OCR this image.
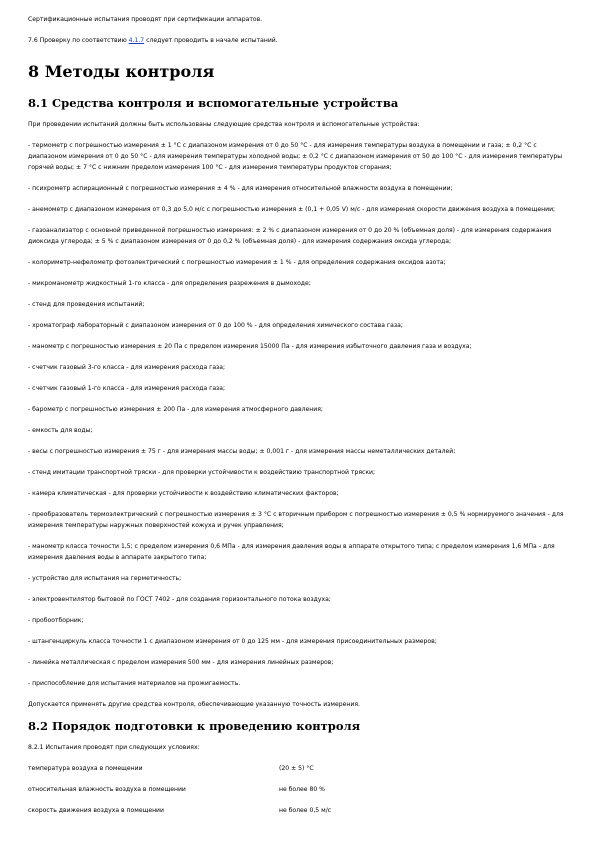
Сертификационные испытания проводят при сертификации аппаратов.

7.6 Проверку по соответствию 4.1.7 следует проводить в начале испытаний.

8 Методы контроля
8.1 Средства контроля и вспомогательные устройства

При проведении испытаний должны быть использованы следующие средства контроля и вспомогательные устройства:

- термометр с погрешностью измерения ± 1 °С с диапазоном измерения от 0 до 50 °С - для измерения температуры воздуха в помещении и газа; ± 0,2 °С с диапазоном измерения от 0 до 50 °С - для измерения температуры холодной воды; ± 0,2 °С с диапазоном измерения от 50 до 100 °С - для измерения температуры горячей воды; ± 7 °С с нижним пределом измерения 100 °С - для измерения температуры продуктов сгорания;

- психрометр аспирационный с погрешностью измерения ± 4 % - для измерения относительной влажности воздуха в помещении;

- анемометр с диапазоном измерения от 0,3 до 5,0 м/с с погрешностью измерения ± (0,1 + 0,05 V) м/с - для измерения скорости движения воздуха в помещении;

- газоанализатор с основной приведенной погрешностью измерения: ± 2 % с диапазоном измерения от 0 до 20 % (объемная доля) - для измерения содержания диоксида углерода; ± 5 % с диапазоном измерения от 0 до 0,2 % (объемная доля) - для измерения содержания оксида углерода;

- колориметр-нефелометр фотоэлектрический с погрешностью измерения ± 1 % - для определения содержания оксидов азота;

- микроманометр жидкостный 1-го класса - для определения разрежения в дымоходе;

- стенд для проведения испытаний;

- хроматограф лабораторный с диапазоном измерения от 0 до 100 % - для определения химического состава газа;

- манометр с погрешностью измерения ± 20 Па с пределом измерения 15000 Па - для измерения избыточного давления газа и воздуха;

- счетчик газовый 3-го класса - для измерения расхода газа;

- счетчик газовый 1-го класса - для измерения расхода газа;

- барометр с погрешностью измерения ± 200 Па - для измерения атмосферного давления;

- емкость для воды;

- весы с погрешностью измерения ± 75 г - для измерения массы воды; ± 0,001 г - для измерения массы неметаллических деталей;

- стенд имитации транспортной тряски - для проверки устойчивости к воздействию транспортной тряски;

- камера климатическая - для проверки устойчивости к воздействию климатических факторов;

- преобразователь термоэлектрический с погрешностью измерения ± 3 °С с вторичным прибором с погрешностью измерения ± 0,5 % нормируемого значения - для измерения температуры наружных поверхностей кожуха и ручек управления;

- манометр класса точности 1,5; с пределом измерения 0,6 МПа - для измерения давления воды в аппарате открытого типа; с пределом измерения 1,6 МПа - для измерения давления воды в аппарате закрытого типа;

- устройство для испытания на герметичность;

- электровентилятор бытовой по ГОСТ 7402 - для создания горизонтального потока воздуха;

- пробоотборник;

- штангенциркуль класса точности 1 с диапазоном измерения от 0 до 125 мм - для измерения присоединительных размеров;

- линейка металлическая с пределом измерения 500 мм - для измерения линейных размеров;

- приспособление для испытания материалов на прожигаемость.

Допускается применять другие средства контроля, обеспечивающие указанную точность измерения.

8.2 Порядок подготовки к проведению контроля

8.2.1 Испытания проводят при следующих условиях:

температура воздуха в помещении	(20 ± 5) °С
относительная влажность воздуха в помещении	не более 80 %
скорость движения воздуха в помещении	не более 0,5 м/с
